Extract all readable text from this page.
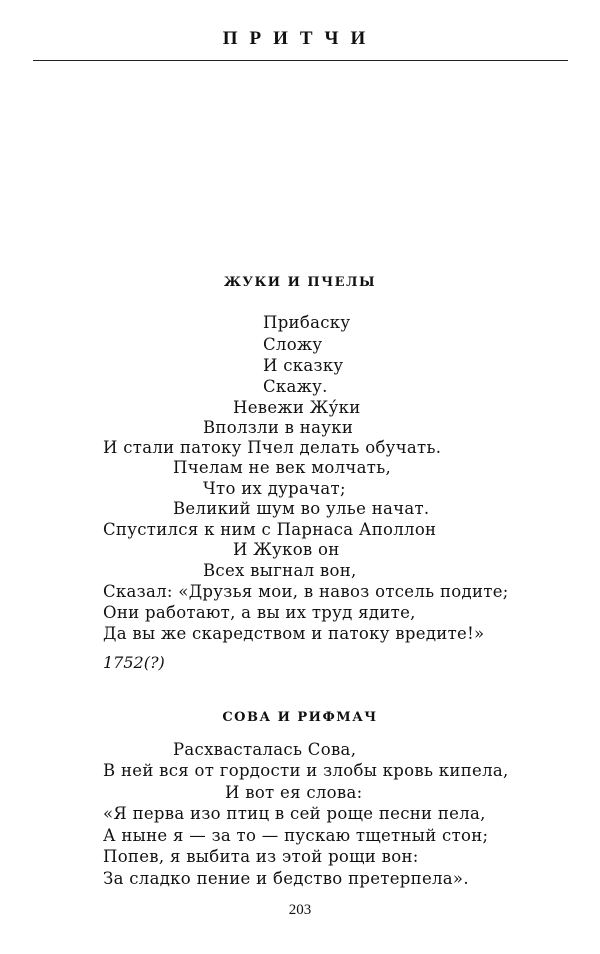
ПРИТЧИ
ЖУКИ И ПЧЕЛЫ
Прибаску
Сложу
И сказку
Скажу.
Невежи Жу́ки
Вползли в науки
И стали патоку Пчел делать обучать.
Пчелам не век молчать,
Что их дурачат;
Великий шум во улье начат.
Спустился к ним с Парнаса Аполлон
И Жуков он
Всех выгнал вон,
Сказал: «Друзья мои, в навоз отсель подите;
Они работают, а вы их труд ядите,
Да вы же скаредством и патоку вредите!»
1752(?)
СОВА И РИФМАЧ
Расхвасталась Сова,
В ней вся от гордости и злобы кровь кипела,
И вот ея слова:
«Я перва изо птиц в сей роще песни пела,
А ныне я — за то — пускаю тщетный стон;
Попев, я выбита из этой рощи вон:
За сладко пение и бедство претерпела».
203
